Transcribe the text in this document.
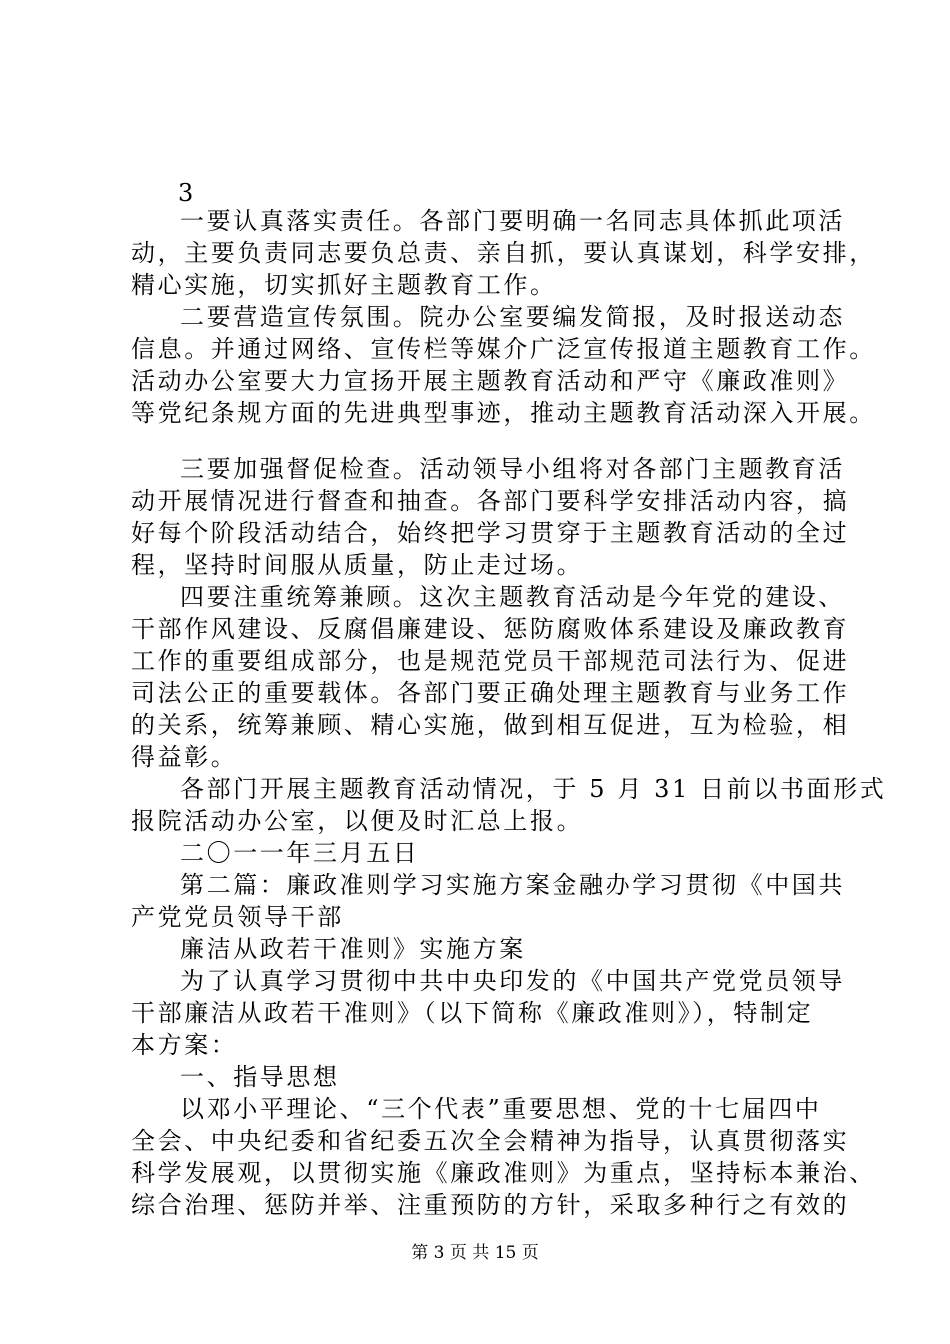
3
一要认真落实责任。各部门要明确一名同志具体抓此项活
动，主要负责同志要负总责、亲自抓，要认真谋划，科学安排，
精心实施，切实抓好主题教育工作。
二要营造宣传氛围。院办公室要编发简报，及时报送动态
信息。并通过网络、宣传栏等媒介广泛宣传报道主题教育工作。
活动办公室要大力宣扬开展主题教育活动和严守《廉政准则》
等党纪条规方面的先进典型事迹，推动主题教育活动深入开展。
三要加强督促检查。活动领导小组将对各部门主题教育活
动开展情况进行督查和抽查。各部门要科学安排活动内容，搞
好每个阶段活动结合，始终把学习贯穿于主题教育活动的全过
程，坚持时间服从质量，防止走过场。
四要注重统筹兼顾。这次主题教育活动是今年党的建设、
干部作风建设、反腐倡廉建设、惩防腐败体系建设及廉政教育
工作的重要组成部分，也是规范党员干部规范司法行为、促进
司法公正的重要载体。各部门要正确处理主题教育与业务工作
的关系，统筹兼顾、精心实施，做到相互促进，互为检验，相
得益彰。
各部门开展主题教育活动情况，于 5 月 31 日前以书面形式
报院活动办公室，以便及时汇总上报。
二〇一一年三月五日
第二篇：廉政准则学习实施方案金融办学习贯彻《中国共
产党党员领导干部
廉洁从政若干准则》实施方案
为了认真学习贯彻中共中央印发的《中国共产党党员领导
干部廉洁从政若干准则》（以下简称《廉政准则》），特制定
本方案：
一、指导思想
以邓小平理论、“三个代表”重要思想、党的十七届四中
全会、中央纪委和省纪委五次全会精神为指导，认真贯彻落实
科学发展观，以贯彻实施《廉政准则》为重点，坚持标本兼治、
综合治理、惩防并举、注重预防的方针，采取多种行之有效的
第 3 页 共 15 页
